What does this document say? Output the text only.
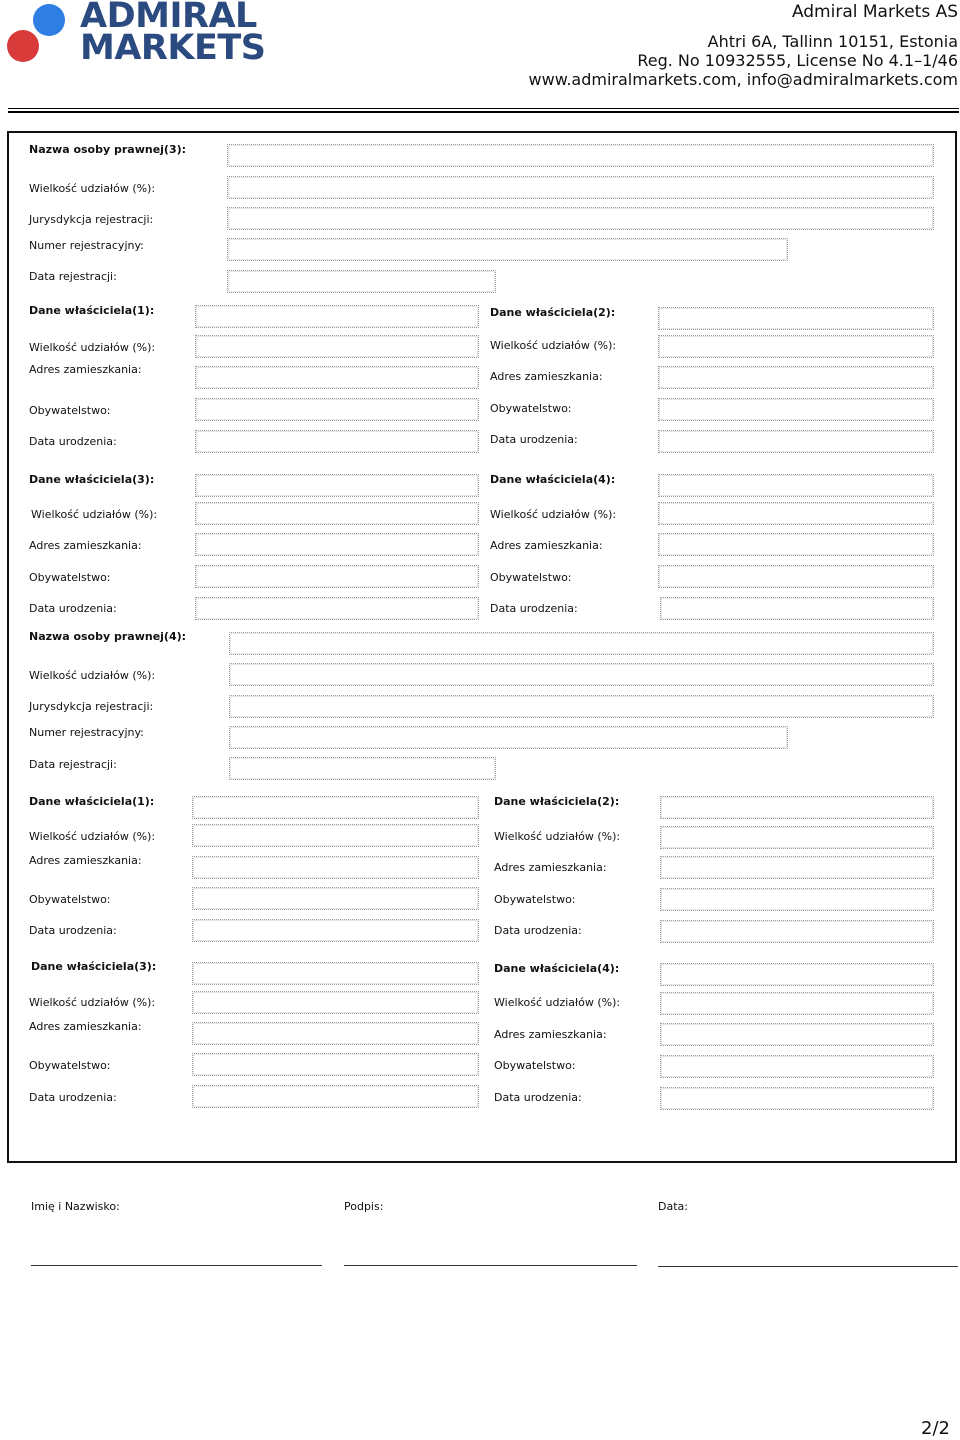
ADMIRAL
MARKETS
Admiral Markets AS
Ahtri 6A, Tallinn 10151, Estonia
Reg. No 10932555, License No 4.1–1/46
www.admiralmarkets.com, info@admiralmarkets.com
Nazwa osoby prawnej(3):
Wielkość udziałów (%):
Jurysdykcja rejestracji:
Numer rejestracyjny:
Data rejestracji:
Dane właściciela(1):
Wielkość udziałów (%):
Adres zamieszkania:
Obywatelstwo:
Data urodzenia:
Dane właściciela(2):
Wielkość udziałów (%):
Adres zamieszkania:
Obywatelstwo:
Data urodzenia:
Dane właściciela(3):
Wielkość udziałów (%):
Adres zamieszkania:
Obywatelstwo:
Data urodzenia:
Dane właściciela(4):
Wielkość udziałów (%):
Adres zamieszkania:
Obywatelstwo:
Data urodzenia:
Nazwa osoby prawnej(4):
Wielkość udziałów (%):
Jurysdykcja rejestracji:
Numer rejestracyjny:
Data rejestracji:
Dane właściciela(1):
Wielkość udziałów (%):
Adres zamieszkania:
Obywatelstwo:
Data urodzenia:
Dane właściciela(2):
Wielkość udziałów (%):
Adres zamieszkania:
Obywatelstwo:
Data urodzenia:
Dane właściciela(3):
Wielkość udziałów (%):
Adres zamieszkania:
Obywatelstwo:
Data urodzenia:
Dane właściciela(4):
Wielkość udziałów (%):
Adres zamieszkania:
Obywatelstwo:
Data urodzenia:
Imię i Nazwisko:	Podpis:	Data:
2/2
